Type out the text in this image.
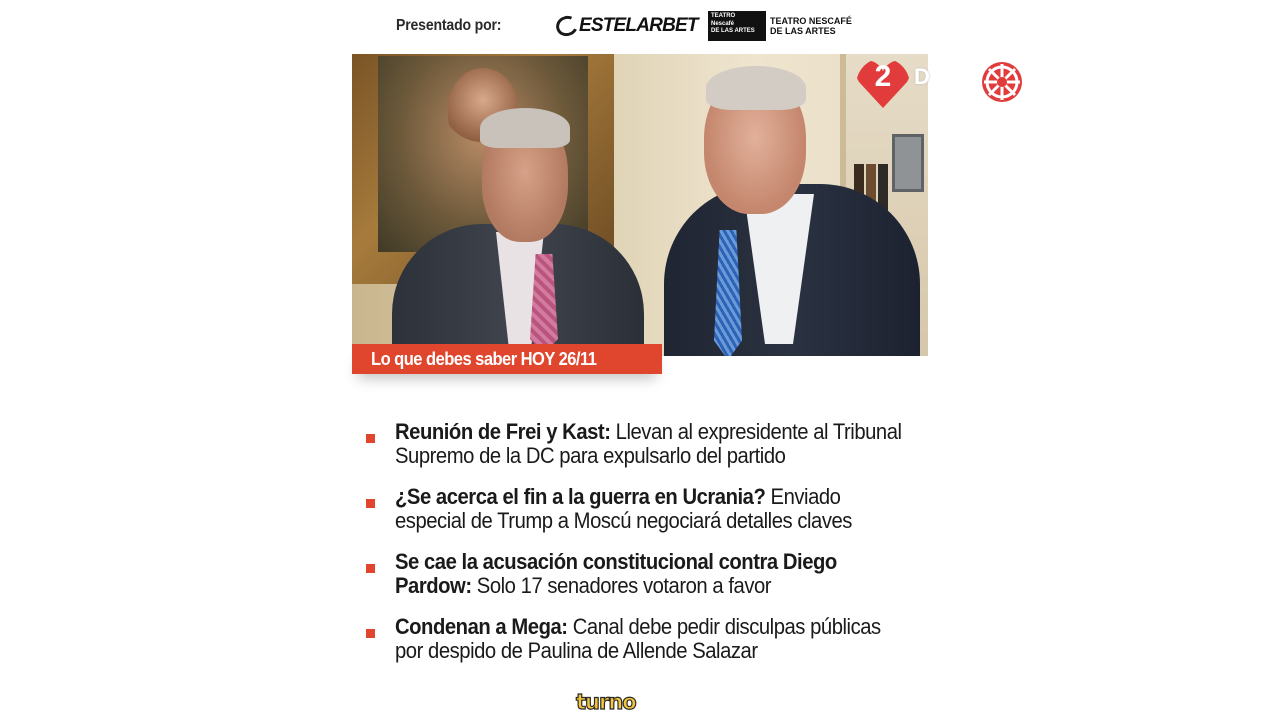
Presentado por:	ESTELARBET TEATRO
Nescafé
DE LAS ARTES
TEATRO NESCAFÉ
DE LAS ARTES
2	D
Lo que debes saber HOY 26/11
Reunión de Frei y Kast: Llevan al expresidente al Tribunal Supremo de la DC para expulsarlo del partido
¿Se acerca el fin a la guerra en Ucrania? Enviado especial de Trump a Moscú negociará detalles claves
Se cae la acusación constitucional contra Diego Pardow: Solo 17 senadores votaron a favor
Condenan a Mega: Canal debe pedir disculpas públicas por despido de Paulina de Allende Salazar
turno
